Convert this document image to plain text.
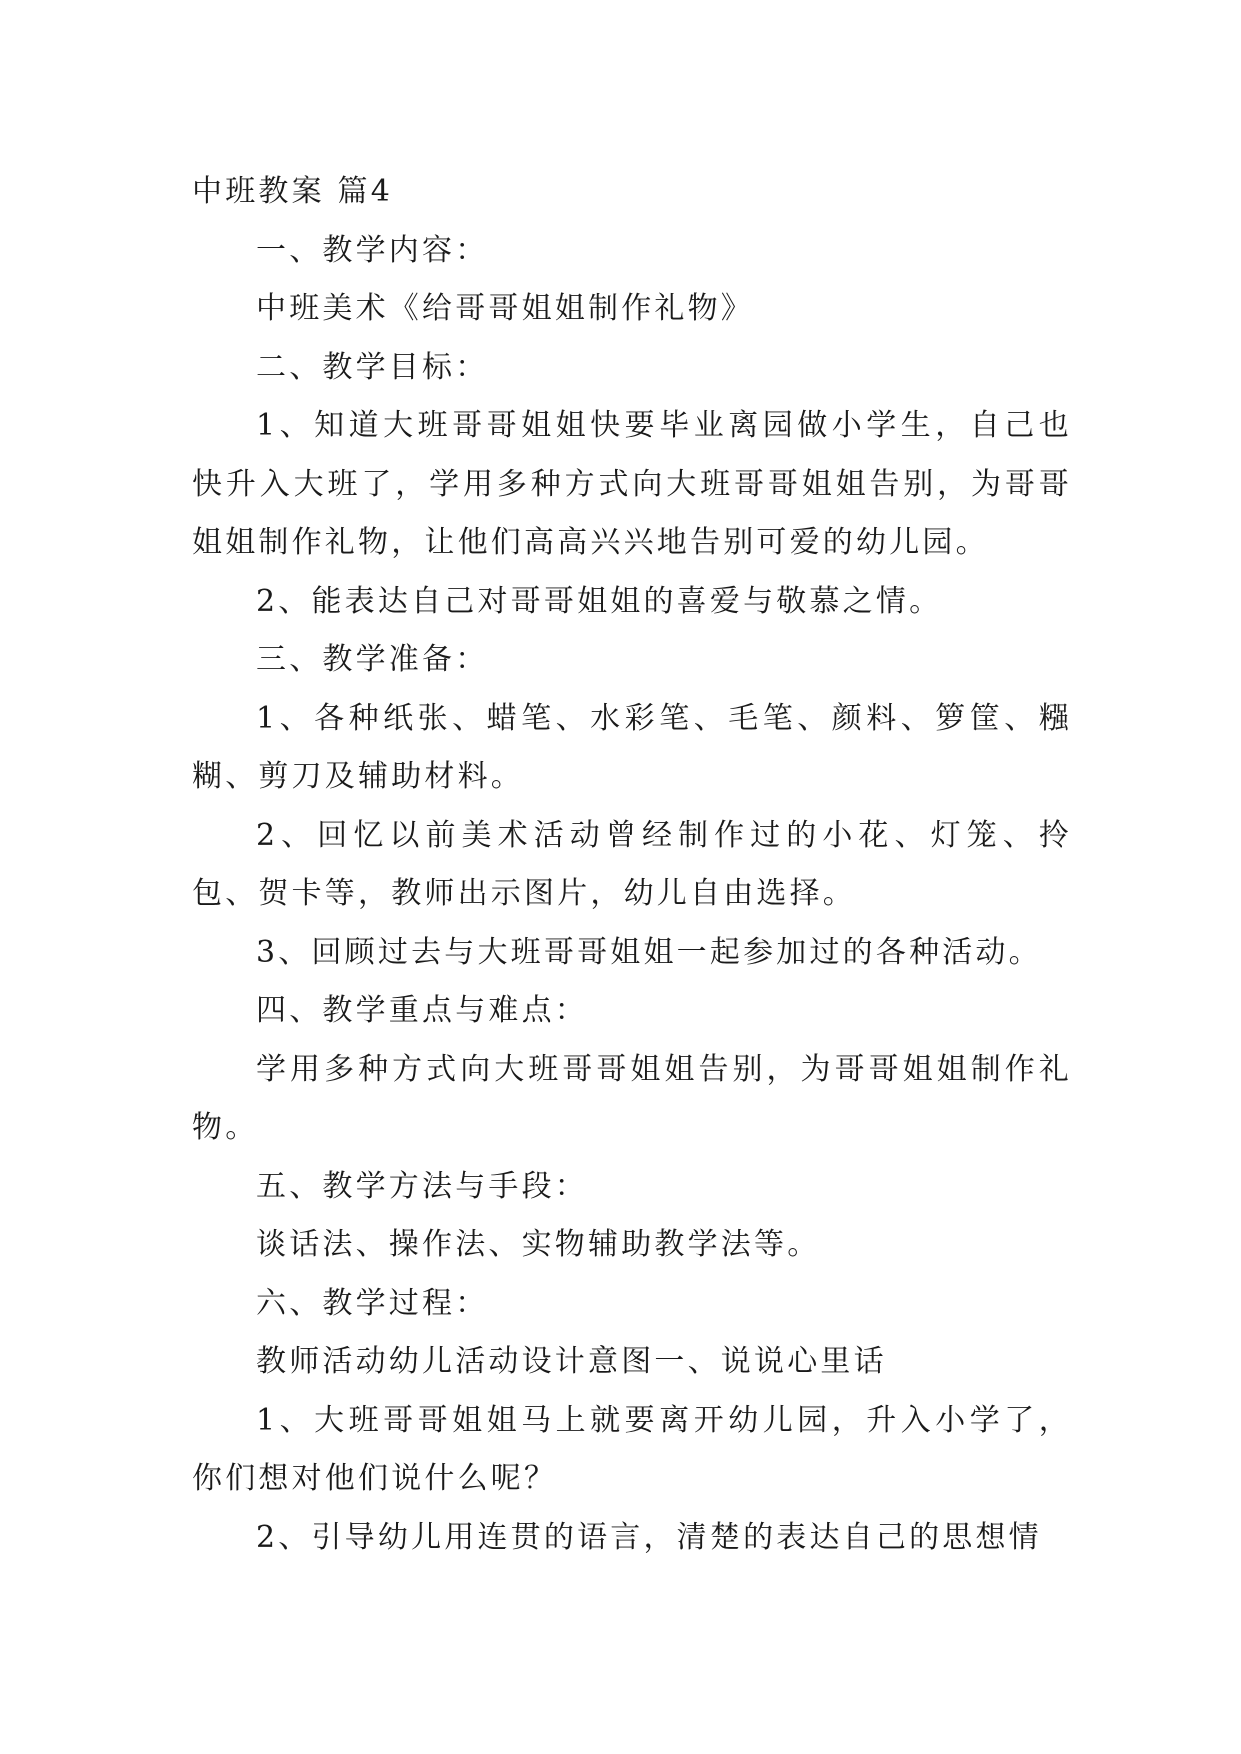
中班教案 篇4

一、教学内容：

中班美术《给哥哥姐姐制作礼物》

二、教学目标：

1、知道大班哥哥姐姐快要毕业离园做小学生，自己也快升入大班了，学用多种方式向大班哥哥姐姐告别，为哥哥姐姐制作礼物，让他们高高兴兴地告别可爱的幼儿园。

2、能表达自己对哥哥姐姐的喜爱与敬慕之情。

三、教学准备：

1、各种纸张、蜡笔、水彩笔、毛笔、颜料、箩筐、糨糊、剪刀及辅助材料。

2、回忆以前美术活动曾经制作过的小花、灯笼、拎包、贺卡等，教师出示图片，幼儿自由选择。

3、回顾过去与大班哥哥姐姐一起参加过的各种活动。

四、教学重点与难点：

学用多种方式向大班哥哥姐姐告别，为哥哥姐姐制作礼物。

五、教学方法与手段：

谈话法、操作法、实物辅助教学法等。

六、教学过程：

教师活动幼儿活动设计意图一、说说心里话

1、大班哥哥姐姐马上就要离开幼儿园，升入小学了，你们想对他们说什么呢？

2、引导幼儿用连贯的语言，清楚的表达自己的思想情
